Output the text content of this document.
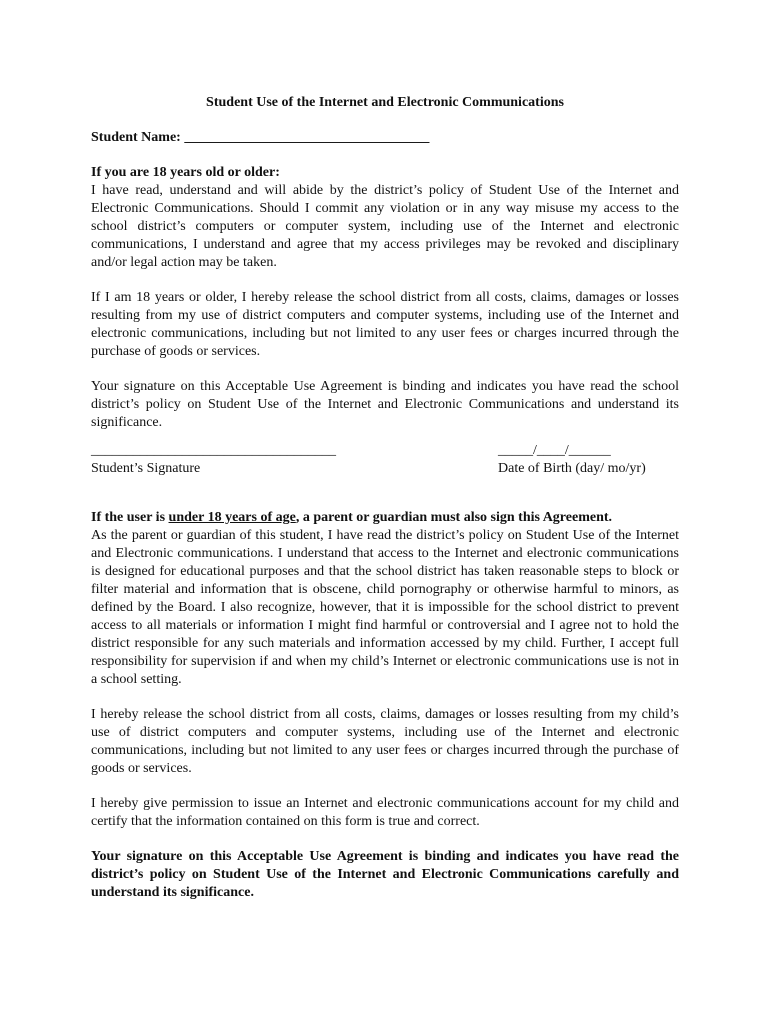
Student Use of the Internet and Electronic Communications
Student Name: ___________________________________
If you are 18 years old or older:

I have read, understand and will abide by the district’s policy of Student Use of the Internet and Electronic Communications. Should I commit any violation or in any way misuse my access to the school district’s computers or computer system, including use of the Internet and electronic communications, I understand and agree that my access privileges may be revoked and disciplinary and/or legal action may be taken.

If I am 18 years or older, I hereby release the school district from all costs, claims, damages or losses resulting from my use of district computers and computer systems, including use of the Internet and electronic communications, including but not limited to any user fees or charges incurred through the purchase of goods or services.

Your signature on this Acceptable Use Agreement is binding and indicates you have read the school district’s policy on Student Use of the Internet and Electronic Communications and understand its significance.

___________________________________
Student’s Signature
_____/____/______
Date of Birth (day/ mo/yr)
If the user is under 18 years of age, a parent or guardian must also sign this Agreement.

As the parent or guardian of this student, I have read the district’s policy on Student Use of the Internet and Electronic communications. I understand that access to the Internet and electronic communications is designed for educational purposes and that the school district has taken reasonable steps to block or filter material and information that is obscene, child pornography or otherwise harmful to minors, as defined by the Board. I also recognize, however, that it is impossible for the school district to prevent access to all materials or information I might find harmful or controversial and I agree not to hold the district responsible for any such materials and information accessed by my child. Further, I accept full responsibility for supervision if and when my child’s Internet or electronic communications use is not in a school setting.

I hereby release the school district from all costs, claims, damages or losses resulting from my child’s use of district computers and computer systems, including use of the Internet and electronic communications, including but not limited to any user fees or charges incurred through the purchase of goods or services.

I hereby give permission to issue an Internet and electronic communications account for my child and certify that the information contained on this form is true and correct.

Your signature on this Acceptable Use Agreement is binding and indicates you have read the district’s policy on Student Use of the Internet and Electronic Communications carefully and understand its significance.
